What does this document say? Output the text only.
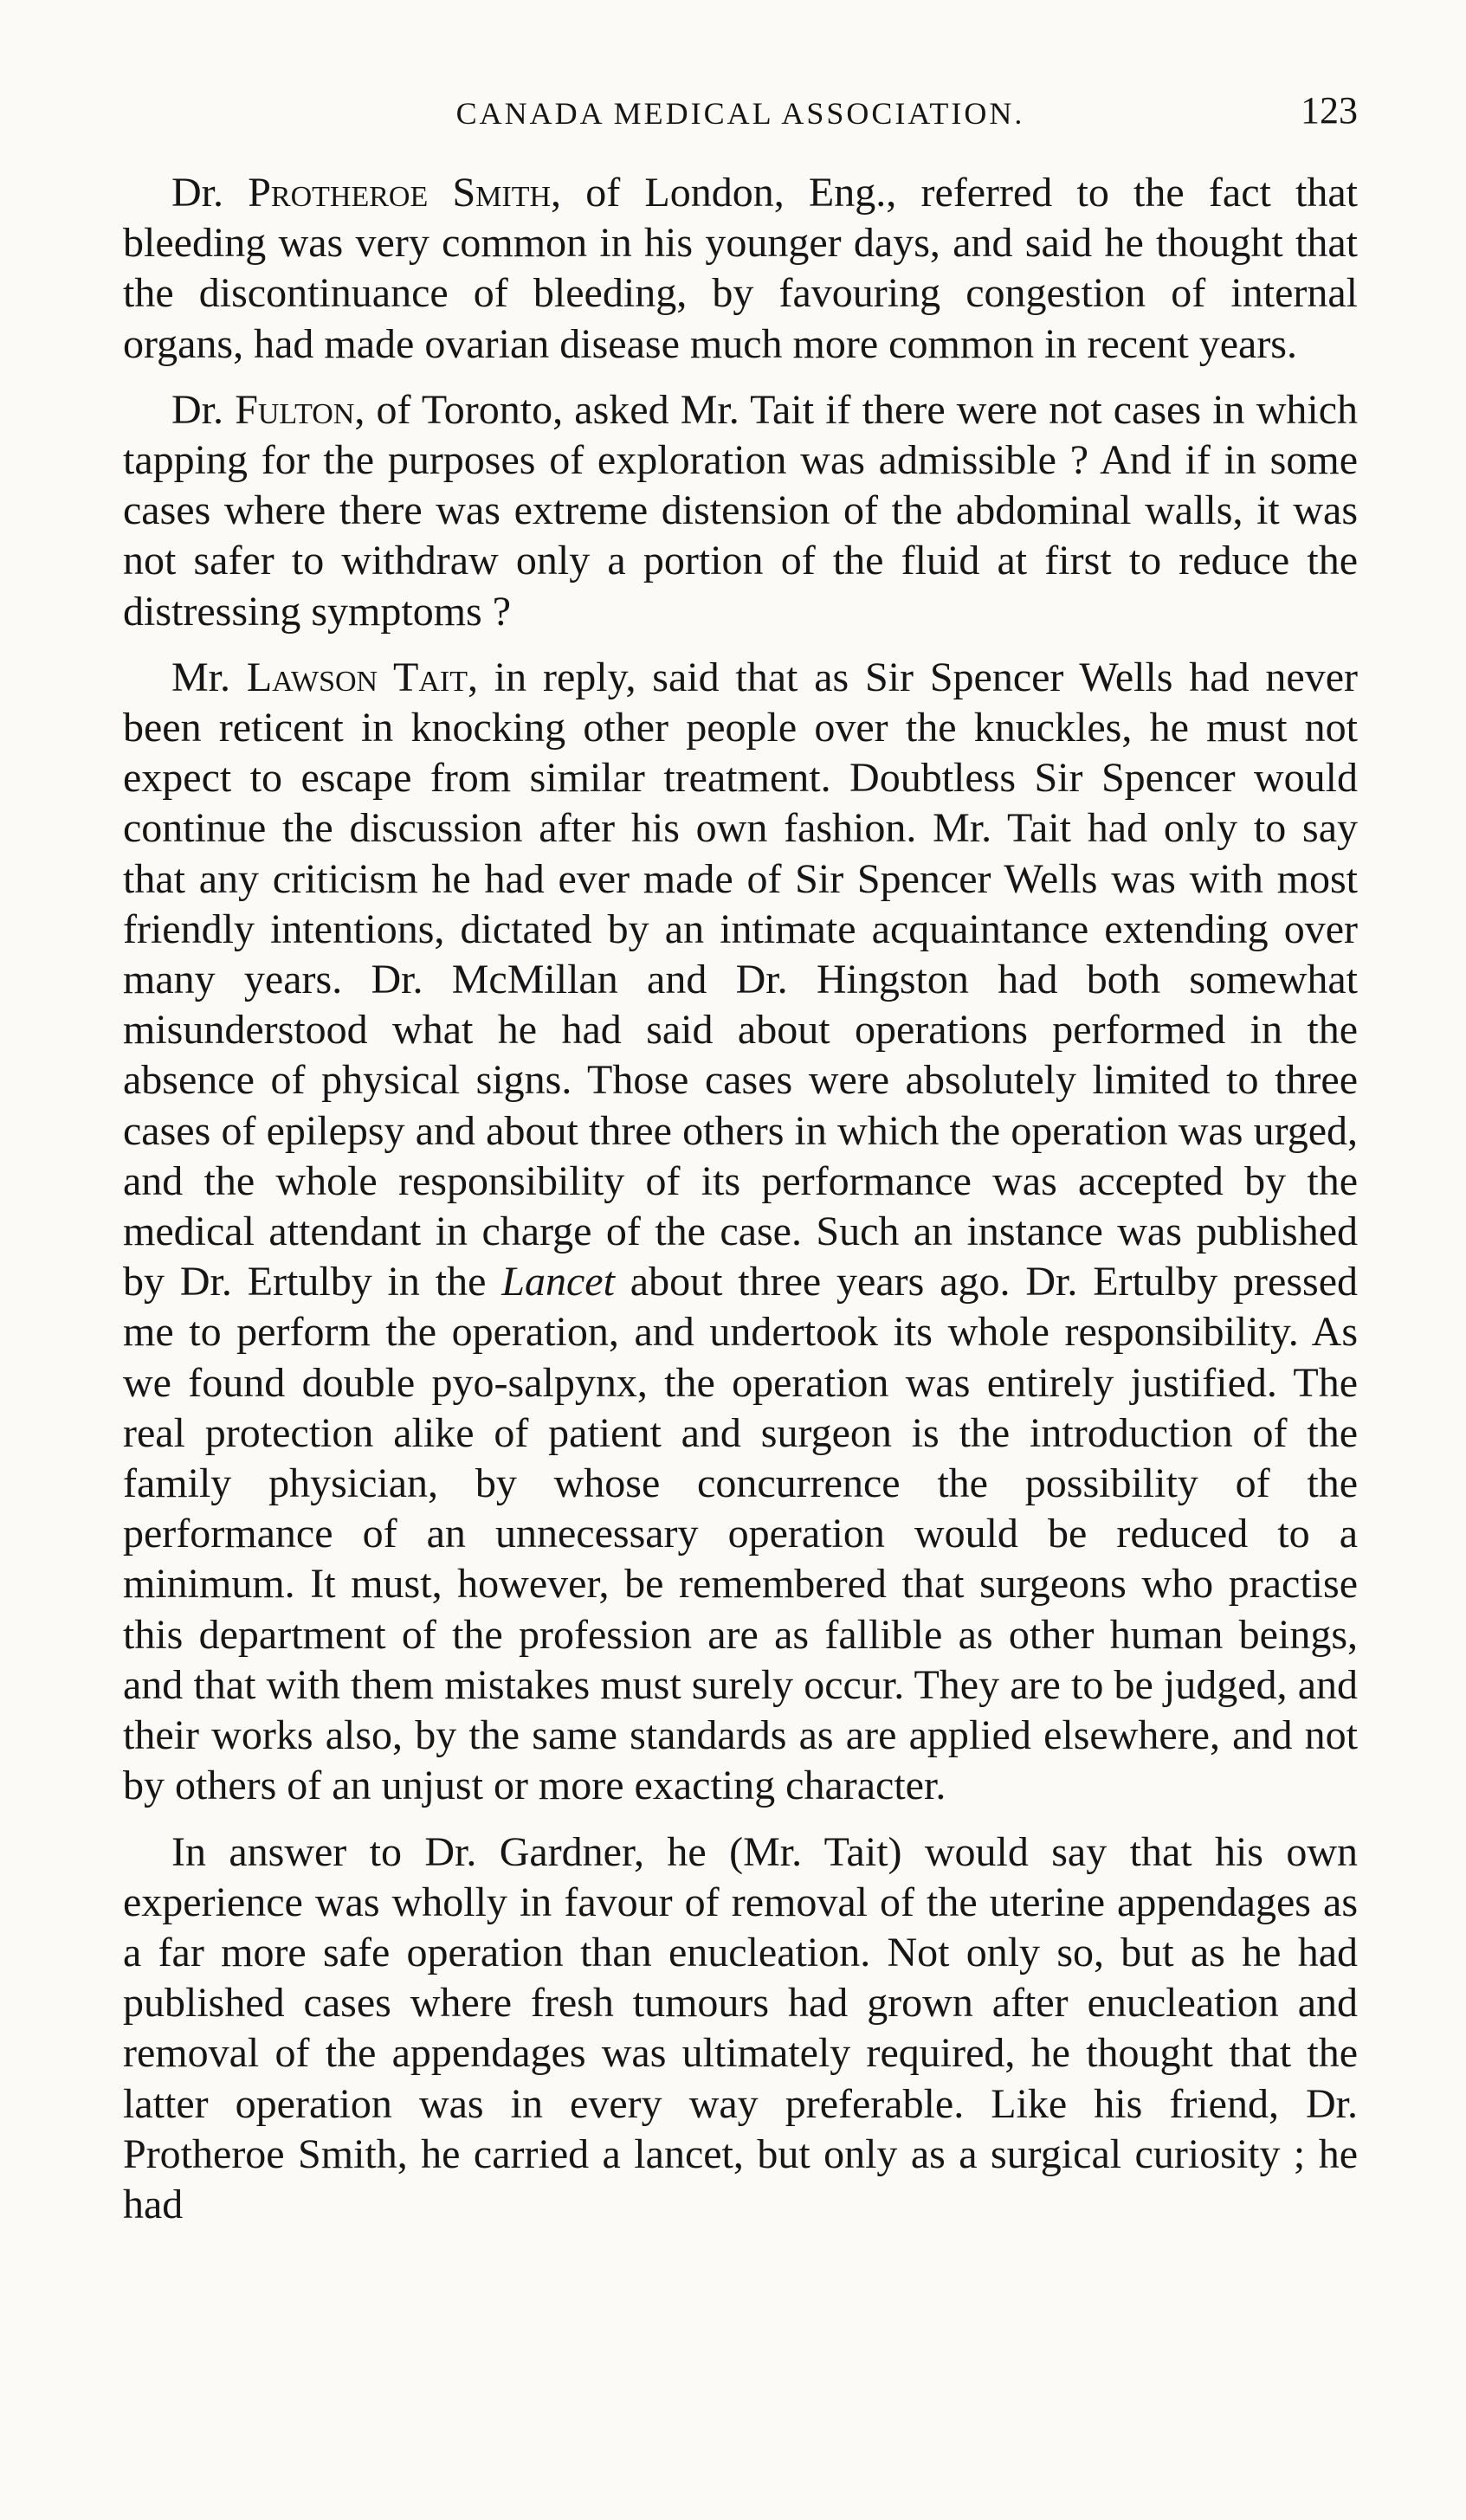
CANADA MEDICAL ASSOCIATION.	123

Dr. Protheroe Smith, of London, Eng., referred to the fact that bleeding was very common in his younger days, and said he thought that the discontinuance of bleeding, by favouring congestion of internal organs, had made ovarian disease much more common in recent years.

Dr. Fulton, of Toronto, asked Mr. Tait if there were not cases in which tapping for the purposes of exploration was admissible ? And if in some cases where there was extreme distension of the abdominal walls, it was not safer to withdraw only a portion of the fluid at first to reduce the distressing symptoms ?

Mr. Lawson Tait, in reply, said that as Sir Spencer Wells had never been reticent in knocking other people over the knuckles, he must not expect to escape from similar treatment. Doubtless Sir Spencer would continue the discussion after his own fashion. Mr. Tait had only to say that any criticism he had ever made of Sir Spencer Wells was with most friendly intentions, dictated by an intimate acquaintance extending over many years. Dr. McMillan and Dr. Hingston had both somewhat misunderstood what he had said about operations performed in the absence of physical signs. Those cases were absolutely limited to three cases of epilepsy and about three others in which the operation was urged, and the whole responsibility of its performance was accepted by the medical attendant in charge of the case. Such an instance was published by Dr. Ertulby in the Lancet about three years ago. Dr. Ertulby pressed me to perform the operation, and undertook its whole responsibility. As we found double pyo-salpynx, the operation was entirely justified. The real protection alike of patient and surgeon is the introduction of the family physician, by whose concurrence the possibility of the performance of an unnecessary operation would be reduced to a minimum. It must, however, be remembered that surgeons who practise this department of the profession are as fallible as other human beings, and that with them mistakes must surely occur. They are to be judged, and their works also, by the same standards as are applied elsewhere, and not by others of an unjust or more exacting character.

In answer to Dr. Gardner, he (Mr. Tait) would say that his own experience was wholly in favour of removal of the uterine appendages as a far more safe operation than enucleation. Not only so, but as he had published cases where fresh tumours had grown after enucleation and removal of the appendages was ultimately required, he thought that the latter operation was in every way preferable. Like his friend, Dr. Protheroe Smith, he carried a lancet, but only as a surgical curiosity ; he had
